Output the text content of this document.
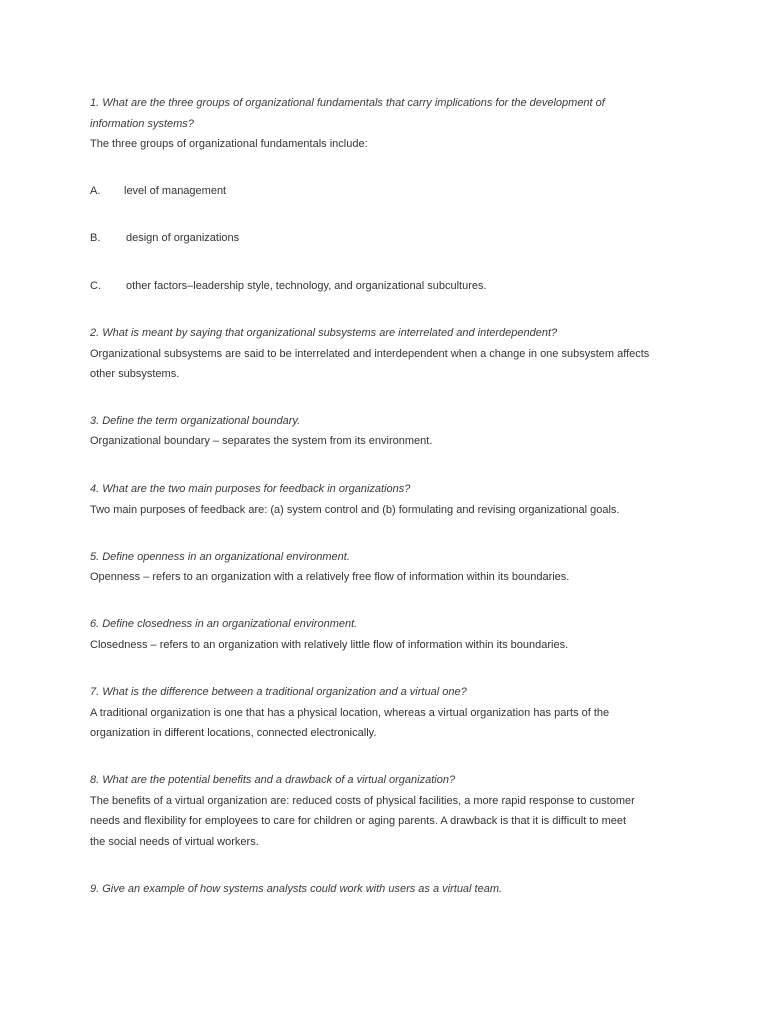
1. What are the three groups of organizational fundamentals that carry implications for the development of
information systems?
The three groups of organizational fundamentals include:
A. level of management
B. design of organizations
C. other factors–leadership style, technology, and organizational subcultures.
2. What is meant by saying that organizational subsystems are interrelated and interdependent?
Organizational subsystems are said to be interrelated and interdependent when a change in one subsystem affects
other subsystems.
3. Define the term organizational boundary.
Organizational boundary – separates the system from its environment.
4. What are the two main purposes for feedback in organizations?
Two main purposes of feedback are: (a) system control and (b) formulating and revising organizational goals.
5. Define openness in an organizational environment.
Openness – refers to an organization with a relatively free flow of information within its boundaries.
6. Define closedness in an organizational environment.
Closedness – refers to an organization with relatively little flow of information within its boundaries.
7. What is the difference between a traditional organization and a virtual one?
A traditional organization is one that has a physical location, whereas a virtual organization has parts of the
organization in different locations, connected electronically.
8. What are the potential benefits and a drawback of a virtual organization?
The benefits of a virtual organization are: reduced costs of physical facilities, a more rapid response to customer
needs and flexibility for employees to care for children or aging parents. A drawback is that it is difficult to meet
the social needs of virtual workers.
9. Give an example of how systems analysts could work with users as a virtual team.
